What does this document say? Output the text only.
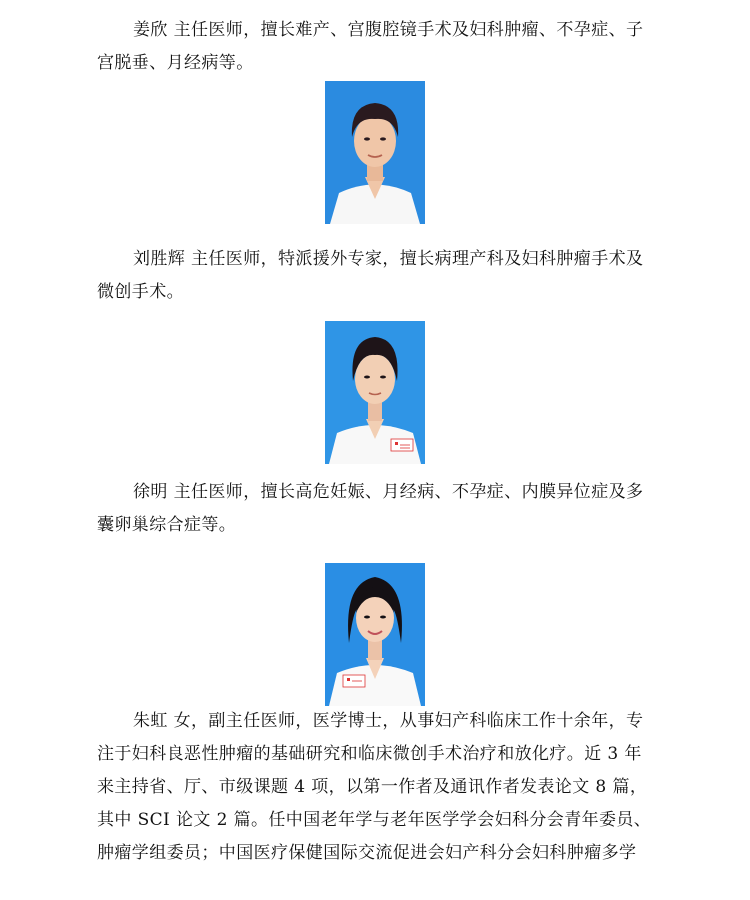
姜欣 主任医师，擅长难产、宫腹腔镜手术及妇科肿瘤、不孕症、子宫脱垂、月经病等。

刘胜辉 主任医师，特派援外专家，擅长病理产科及妇科肿瘤手术及微创手术。

徐明 主任医师，擅长高危妊娠、月经病、不孕症、内膜异位症及多囊卵巢综合症等。

朱虹 女，副主任医师，医学博士，从事妇产科临床工作十余年，专注于妇科良恶性肿瘤的基础研究和临床微创手术治疗和放化疗。近 3 年来主持省、厅、市级课题 4 项，以第一作者及通讯作者发表论文 8 篇，其中 SCI 论文 2 篇。任中国老年学与老年医学学会妇科分会青年委员、肿瘤学组委员；中国医疗保健国际交流促进会妇产科分会妇科肿瘤多学
